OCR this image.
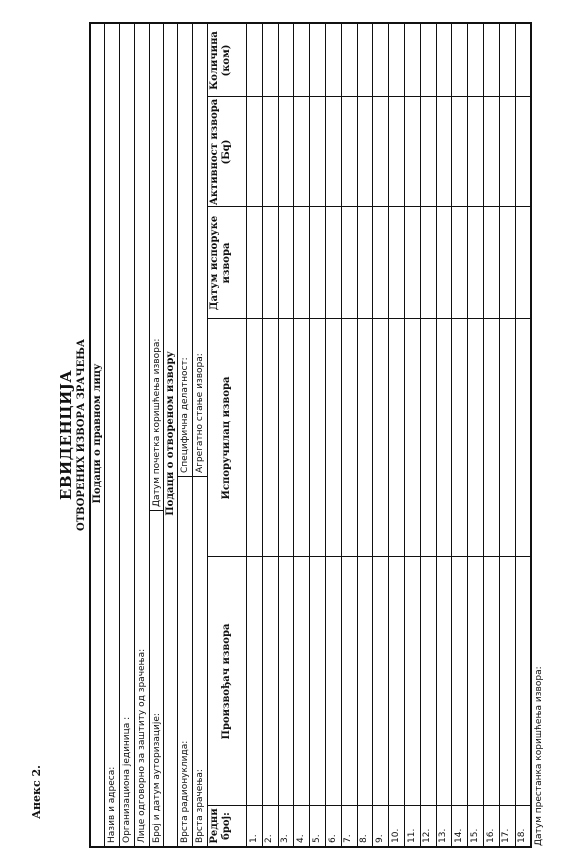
Анекс 2.
ЕВИДЕНЦИЈА ОТВОРЕНИХ ИЗВОРА ЗРАЧЕЊА Подаци о правном лицу
Назив и адреса: Организациона јединица : Лице одговорно за заштиту од зрачења: Број и датум ауторизације:
Датум почетка коришћења извора: Подаци о отвореном извору
Врста радионуклида:
Специфична делатност:
Врста зрачења:
Агрегатно стање извора:
Редни број:
Произвођач извора
Испоручилац извора
Датум испоруке извора
Активност извора (Бq)
Количина (ком)
1. 2. 3. 4. 5. 6. 7. 8. 9. 10. 11. 12. 13. 14. 15. 16. 17. 18. Датум престанка коришћења извора:
